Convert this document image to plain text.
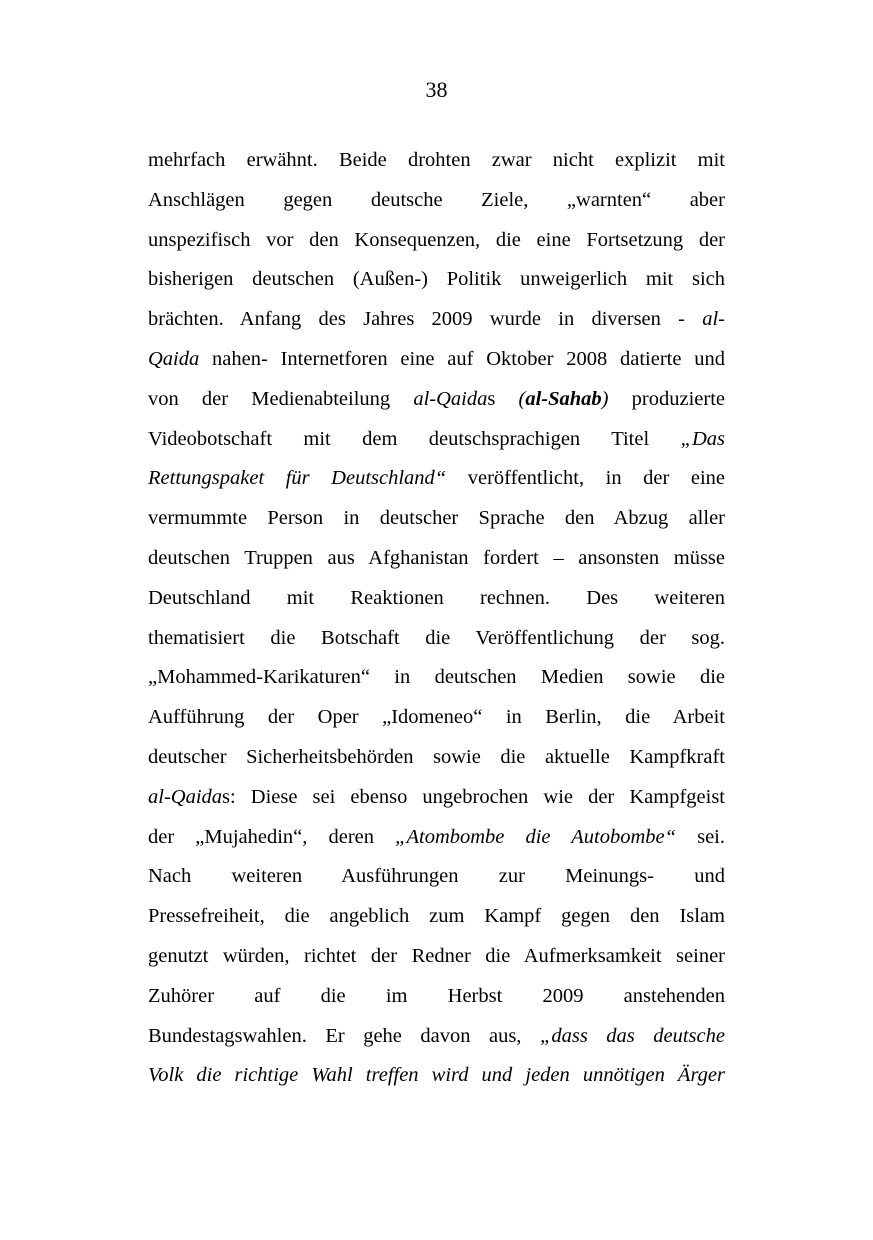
38
mehrfach erwähnt. Beide drohten zwar nicht explizit mit
Anschlägen gegen deutsche Ziele, „warnten“ aber
unspezifisch vor den Konsequenzen, die eine Fortsetzung der
bisherigen deutschen (Außen-) Politik unweigerlich mit sich
brächten. Anfang des Jahres 2009 wurde in diversen - al-
Qaida nahen- Internetforen eine auf Oktober 2008 datierte und
von der Medienabteilung al-Qaidas (al-Sahab) produzierte
Videobotschaft mit dem deutschsprachigen Titel „Das
Rettungspaket für Deutschland“ veröffentlicht, in der eine
vermummte Person in deutscher Sprache den Abzug aller
deutschen Truppen aus Afghanistan fordert – ansonsten müsse
Deutschland mit Reaktionen rechnen. Des weiteren
thematisiert die Botschaft die Veröffentlichung der sog.
„Mohammed-Karikaturen“ in deutschen Medien sowie die
Aufführung der Oper „Idomeneo“ in Berlin, die Arbeit
deutscher Sicherheitsbehörden sowie die aktuelle Kampfkraft
al-Qaidas: Diese sei ebenso ungebrochen wie der Kampfgeist
der „Mujahedin“, deren „Atombombe die Autobombe“ sei.
Nach weiteren Ausführungen zur Meinungs- und
Pressefreiheit, die angeblich zum Kampf gegen den Islam
genutzt würden, richtet der Redner die Aufmerksamkeit seiner
Zuhörer auf die im Herbst 2009 anstehenden
Bundestagswahlen. Er gehe davon aus, „dass das deutsche
Volk die richtige Wahl treffen wird und jeden unnötigen Ärger
